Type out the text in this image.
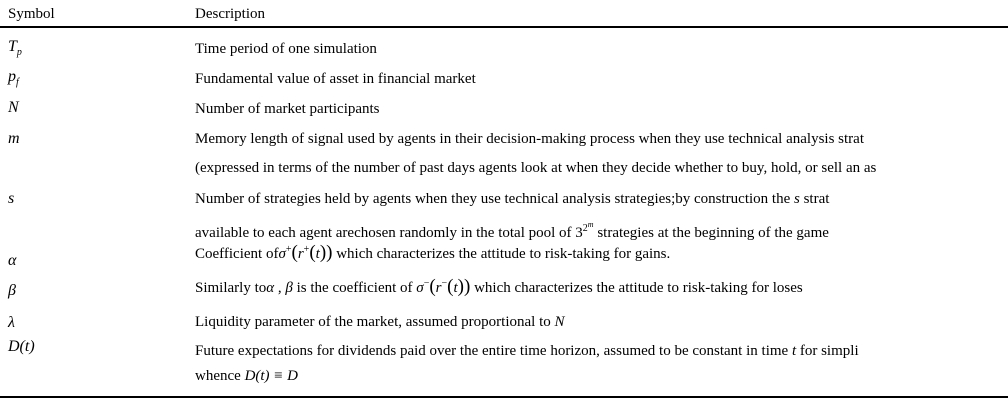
Symbol	Description
$T_p$	Time period of one simulation
$p_f$	Fundamental value of asset in financial market
N	Number of market participants
m	Memory length of signal used by agents in their decision-making process when they use technical analysis strat
(expressed in terms of the number of past days agents look at when they decide whether to buy, hold, or sell an as
s	Number of strategies held by agents when they use technical analysis strategies;by construction the s strat
available to each agent arechosen randomly in the total pool of $3^{2^m}$ strategies at the beginning of the game
α	Coefficient ofσ+(r+(t)) which characterizes the attitude to risk-taking for gains.
β	Similarly toα , β is the coefficient of σ−(r−(t)) which characterizes the attitude to risk-taking for loses
λ	Liquidity parameter of the market, assumed proportional to N
D(t)	Future expectations for dividends paid over the entire time horizon, assumed to be constant in time t for simpli
whence D(t) ≡ D
